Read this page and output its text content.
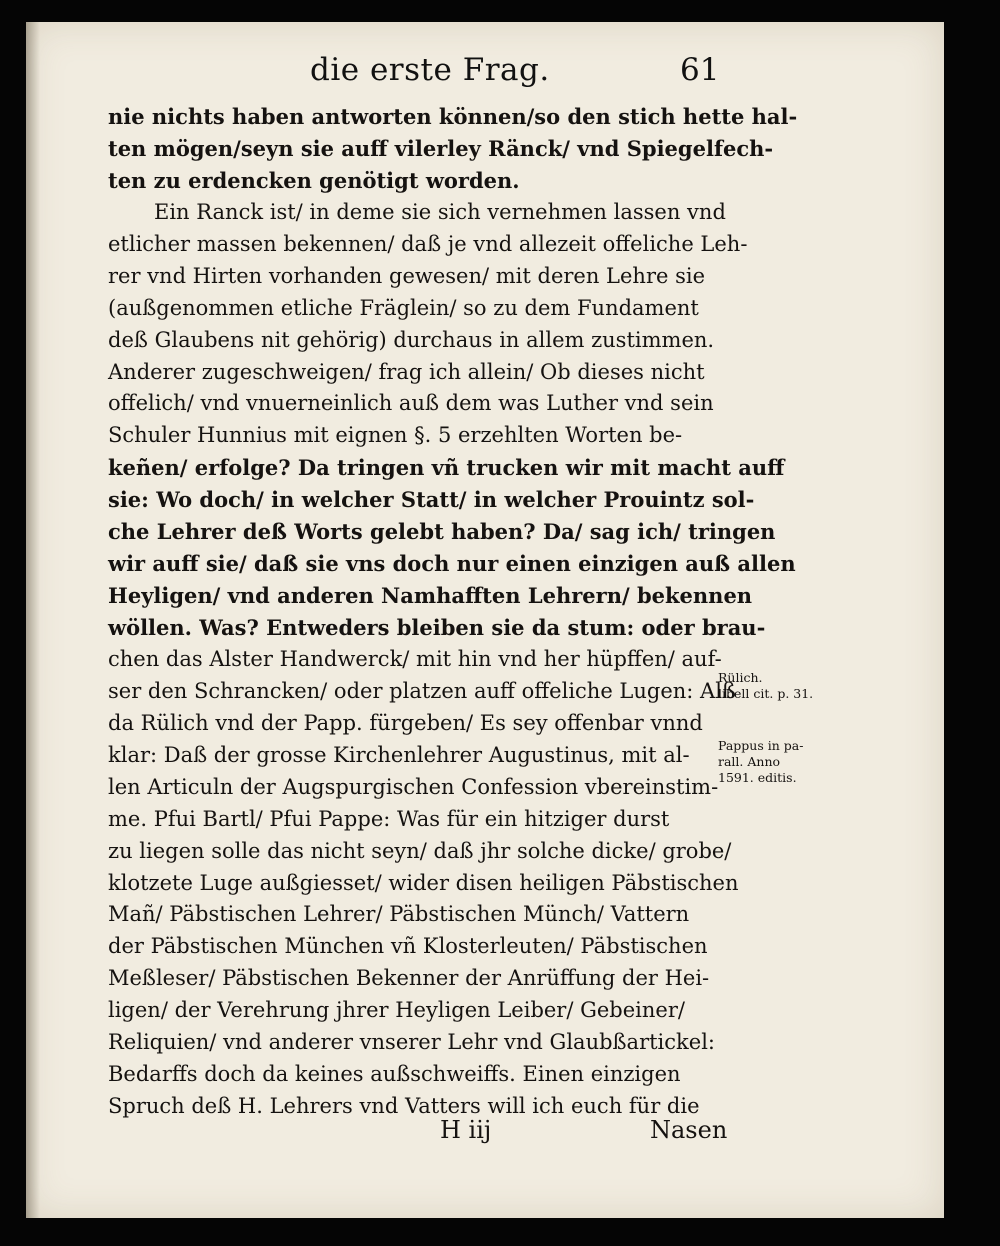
die erste Frag.	61
nie nichts haben antworten können/so den stich hette hal-
ten mögen/seyn sie auff vilerley Ränck/ vnd Spiegelfech-
ten zu erdencken genötigt worden.
Ein Ranck ist/ in deme sie sich vernehmen lassen vnd
etlicher massen bekennen/ daß je vnd allezeit offeliche Leh-
rer vnd Hirten vorhanden gewesen/ mit deren Lehre sie
(außgenommen etliche Fräglein/ so zu dem Fundament
deß Glaubens nit gehörig) durchaus in allem zustimmen.
Anderer zugeschweigen/ frag ich allein/ Ob dieses nicht
offelich/ vnd vnuerneinlich auß dem was Luther vnd sein
Schuler Hunnius mit eignen §. 5 erzehlten Worten be-
keñen/ erfolge? Da tringen vñ trucken wir mit macht auff
sie: Wo doch/ in welcher Statt/ in welcher Prouintz sol-
che Lehrer deß Worts gelebt haben? Da/ sag ich/ tringen
wir auff sie/ daß sie vns doch nur einen einzigen auß allen
Heyligen/ vnd anderen Namhafften Lehrern/ bekennen
wöllen. Was? Entweders bleiben sie da stum: oder brau-
chen das Alster Handwerck/ mit hin vnd her hüpffen/ auf-
ser den Schrancken/ oder platzen auff offeliche Lugen: Alß
da Rülich vnd der Papp. fürgeben/ Es sey offenbar vnnd
klar: Daß der grosse Kirchenlehrer Augustinus, mit al-
len Articuln der Augspurgischen Confession vbereinstim-
me. Pfui Bartl/ Pfui Pappe: Was für ein hitziger durst
zu liegen solle das nicht seyn/ daß jhr solche dicke/ grobe/
klotzete Luge außgiesset/ wider disen heiligen Päbstischen
Mañ/ Päbstischen Lehrer/ Päbstischen Münch/ Vattern
der Päbstischen München vñ Klosterleuten/ Päbstischen
Meßleser/ Päbstischen Bekenner der Anrüffung der Hei-
ligen/ der Verehrung jhrer Heyligen Leiber/ Gebeiner/
Reliquien/ vnd anderer vnserer Lehr vnd Glaubßartickel:
Bedarffs doch da keines außschweiffs. Einen einzigen
Spruch deß H. Lehrers vnd Vatters will ich euch für die
Rülich.
libell cit. p. 31.
Pappus in pa-
rall. Anno
1591. editis.
H iij	Nasen
